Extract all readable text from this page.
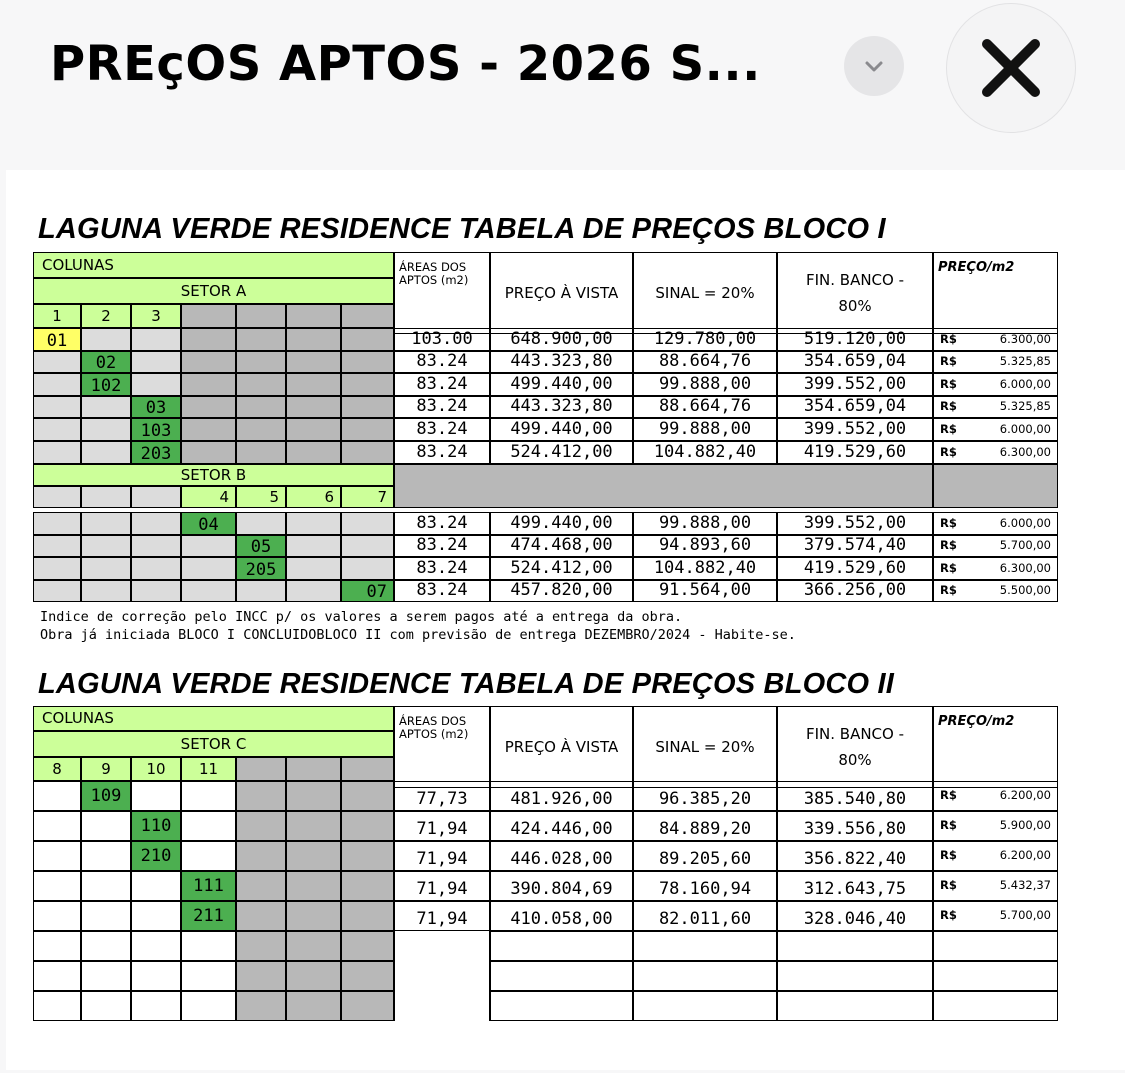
PREçOS APTOS - 2026 S...
LAGUNA VERDE RESIDENCE TABELA DE PREÇOS BLOCO I
LAGUNA VERDE RESIDENCE TABELA DE PREÇOS BLOCO II
Indice de correção pelo INCC p/ os valores a serem pagos até a entrega da obra.
Obra já iniciada BLOCO I CONCLUIDOBLOCO II com previsão de entrega DEZEMBRO/2024 - Habite-se.
COLUNAS
SETOR A
ÁREAS DOS APTOS (m2)
PREÇO À VISTA	SINAL = 20%
FIN. BANCO - 80%
PREÇO/m2
1	2	3
01	103.00	648.900,00	129.780,00	519.120,00	R$	6.300,00
02	83.24	443.323,80	88.664,76	354.659,04	R$	5.325,85
102	83.24	499.440,00	99.888,00	399.552,00	R$	6.000,00
03	83.24	443.323,80	88.664,76	354.659,04	R$	5.325,85
103	83.24	499.440,00	99.888,00	399.552,00	R$	6.000,00
203	83.24	524.412,00	104.882,40	419.529,60	R$	6.300,00
SETOR B
4	5	6	7
04	83.24	499.440,00	99.888,00	399.552,00	R$	6.000,00
05	83.24	474.468,00	94.893,60	379.574,40	R$	5.700,00
205	83.24	524.412,00	104.882,40	419.529,60	R$	6.300,00
07	83.24	457.820,00	91.564,00	366.256,00	R$	5.500,00
COLUNAS
SETOR C
ÁREAS DOS APTOS (m2)
PREÇO À VISTA	SINAL = 20%
FIN. BANCO - 80%
PREÇO/m2
8	9	10	11
109	77,73	481.926,00	96.385,20	385.540,80	R$	6.200,00
110	71,94	424.446,00	84.889,20	339.556,80	R$	5.900,00
210	71,94	446.028,00	89.205,60	356.822,40	R$	6.200,00
111	71,94	390.804,69	78.160,94	312.643,75	R$	5.432,37
211	71,94	410.058,00	82.011,60	328.046,40	R$	5.700,00
